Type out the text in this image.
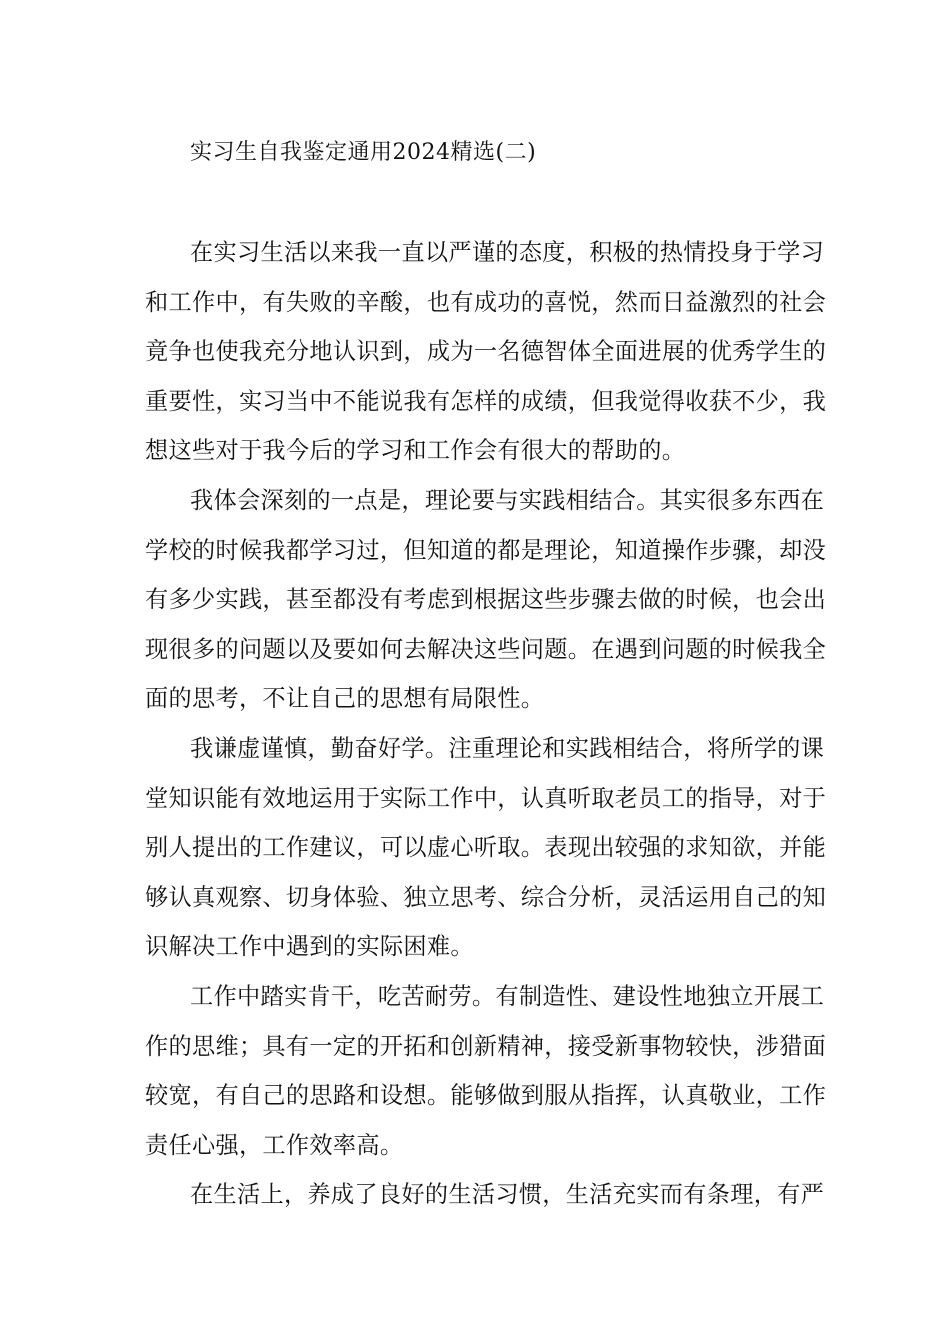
实习生自我鉴定通用2024精选(二)
在实习生活以来我一直以严谨的态度，积极的热情投身于学习
和工作中，有失败的辛酸，也有成功的喜悦，然而日益激烈的社会
竟争也使我充分地认识到，成为一名德智体全面进展的优秀学生的
重要性，实习当中不能说我有怎样的成绩，但我觉得收获不少，我
想这些对于我今后的学习和工作会有很大的帮助的。
我体会深刻的一点是，理论要与实践相结合。其实很多东西在
学校的时候我都学习过，但知道的都是理论，知道操作步骤，却没
有多少实践，甚至都没有考虑到根据这些步骤去做的时候，也会出
现很多的问题以及要如何去解决这些问题。在遇到问题的时候我全
面的思考，不让自己的思想有局限性。
我谦虚谨慎，勤奋好学。注重理论和实践相结合，将所学的课
堂知识能有效地运用于实际工作中，认真听取老员工的指导，对于
别人提出的工作建议，可以虚心听取。表现出较强的求知欲，并能
够认真观察、切身体验、独立思考、综合分析，灵活运用自己的知
识解决工作中遇到的实际困难。
工作中踏实肯干，吃苦耐劳。有制造性、建设性地独立开展工
作的思维；具有一定的开拓和创新精神，接受新事物较快，涉猎面
较宽，有自己的思路和设想。能够做到服从指挥，认真敬业，工作
责任心强，工作效率高。
在生活上，养成了良好的生活习惯，生活充实而有条理，有严
